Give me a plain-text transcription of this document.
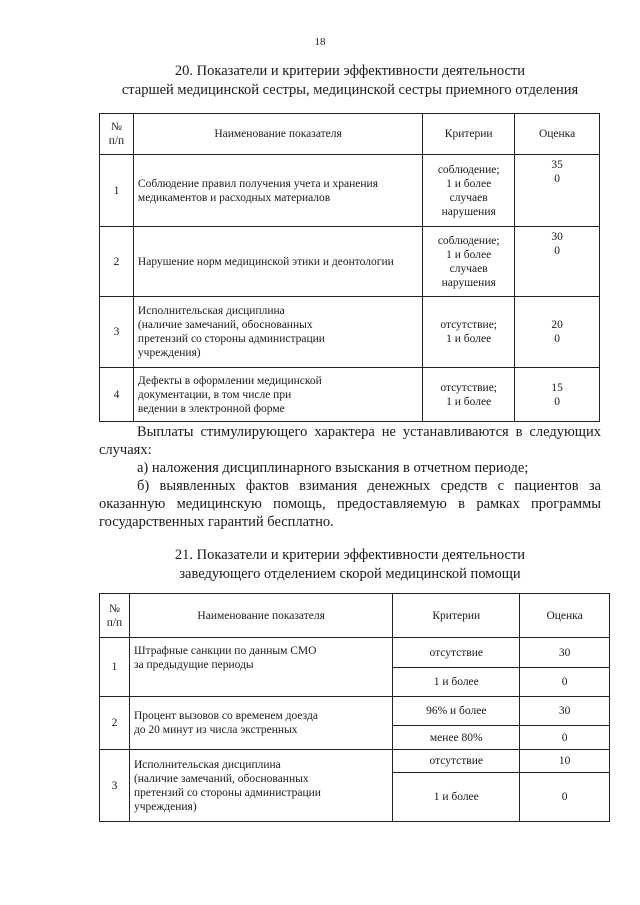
18
20. Показатели и критерии эффективности деятельности
старшей медицинской сестры, медицинской сестры приемного отделения
№
п/п	Наименование показателя	Критерии	Оценка
1	Соблюдение правил получения учета и хранения медикаментов и расходных материалов	соблюдение;
1 и более
случаев
нарушения	35
0

2	Нарушение норм медицинской этики и деонтологии	соблюдение;
1 и более
случаев
нарушения	30
0

3	Исполнительская дисциплина
(наличие замечаний, обоснованных
претензий со стороны администрации
учреждения)	отсутствие;
1 и более	20
0

4	Дефекты в оформлении медицинской
документации, в том числе при
ведении в электронной форме	отсутствие;
1 и более	15
0

Выплаты стимулирующего характера не устанавливаются в следующих случаях:

а) наложения дисциплинарного взыскания в отчетном периоде;

б) выявленных фактов взимания денежных средств с пациентов за оказанную медицинскую помощь, предоставляемую в рамках программы государственных гарантий бесплатно.

21. Показатели и критерии эффективности деятельности
заведующего отделением скорой медицинской помощи
№
п/п	Наименование показателя	Критерии	Оценка
1	Штрафные санкции по данным СМО
за предыдущие периоды	отсутствие	30
		1 и более	0
2	Процент вызовов со временем доезда
до 20 минут из числа экстренных	96% и более	30
		менее 80%	0
3	Исполнительская дисциплина
(наличие замечаний, обоснованных
претензий со стороны администрации
учреждения)	отсутствие	10
		1 и более	0
